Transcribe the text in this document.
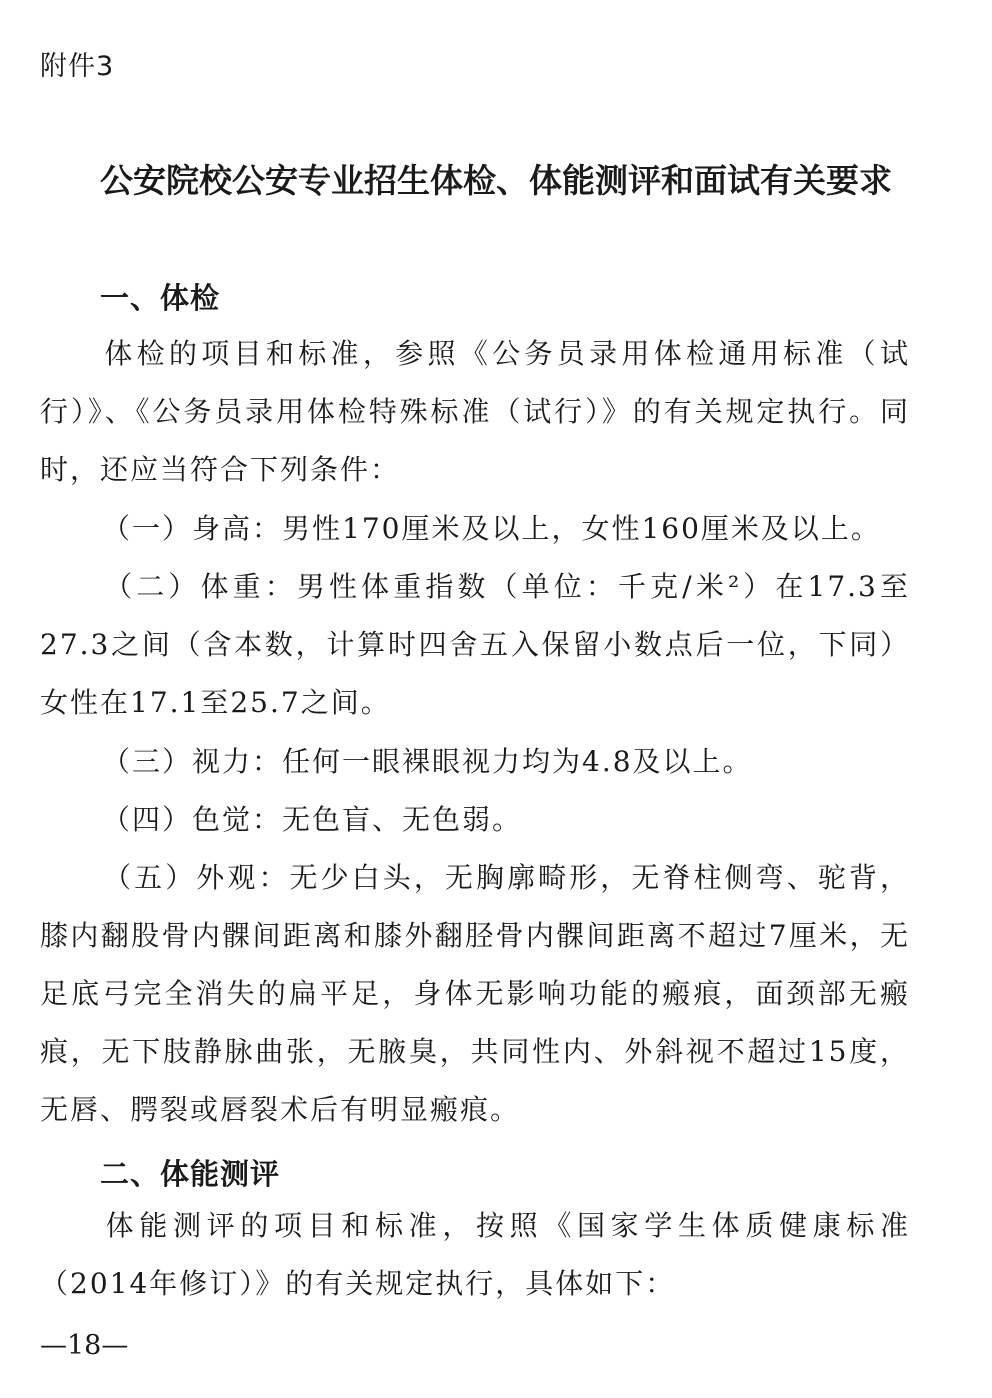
附件3
公安院校公安专业招生体检、体能测评和面试有关要求
一、体检

体检的项目和标准，参照《公务员录用体检通用标准（试行）》、《公务员录用体检特殊标准（试行）》的有关规定执行。同时，还应当符合下列条件：

（一）身高：男性170厘米及以上，女性160厘米及以上。

（二）体重：男性体重指数（单位：千克/米²）在17.3至27.3之间（含本数，计算时四舍五入保留小数点后一位，下同）女性在17.1至25.7之间。

（三）视力：任何一眼裸眼视力均为4.8及以上。

（四）色觉：无色盲、无色弱。

（五）外观：无少白头，无胸廓畸形，无脊柱侧弯、驼背，膝内翻股骨内髁间距离和膝外翻胫骨内髁间距离不超过7厘米，无足底弓完全消失的扁平足，身体无影响功能的瘢痕，面颈部无瘢痕，无下肢静脉曲张，无腋臭，共同性内、外斜视不超过15度，无唇、腭裂或唇裂术后有明显瘢痕。

二、体能测评

体能测评的项目和标准，按照《国家学生体质健康标准（2014年修订）》的有关规定执行，具体如下：

—18—
